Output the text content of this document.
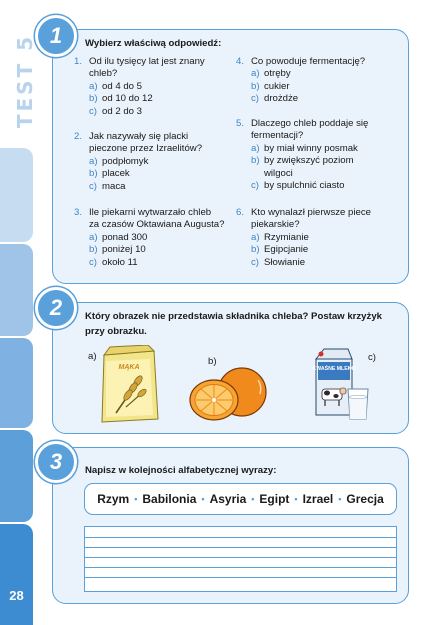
TEST 5
28
1	Wybierz właściwą odpowiedź:
1. Od ilu tysięcy lat jest znany
chleb?
a) od 4 do 5
b) od 10 do 12
c) od 2 do 3
2. Jak nazywały się placki
pieczone przez Izraelitów?
a) podpłomyk
b) placek
c) maca
3. Ile piekarni wytwarzało chleb
za czasów Oktawiana Augusta?
a) ponad 300
b) poniżej 10
c) około 11
4. Co powoduje fermentację?
a) otręby
b) cukier
c) drożdże
5. Dlaczego chleb poddaje się
fermentacji?
a) by miał winny posmak
b) by zwiększyć poziom
wilgoci
c) by spulchnić ciasto
6. Kto wynalazł pierwsze piece
piekarskie?
a) Rzymianie
b) Egipcjanie
c) Słowianie
2	Który obrazek nie przedstawia składnika chleba? Postaw krzyżyk przy obrazku.
a)
MĄKA
b)	c)
KWAŚNE MLEKO
3	Napisz w kolejności alfabetycznej wyrazy:
Rzym • Babilonia • Asyria • Egipt • Izrael • Grecja
